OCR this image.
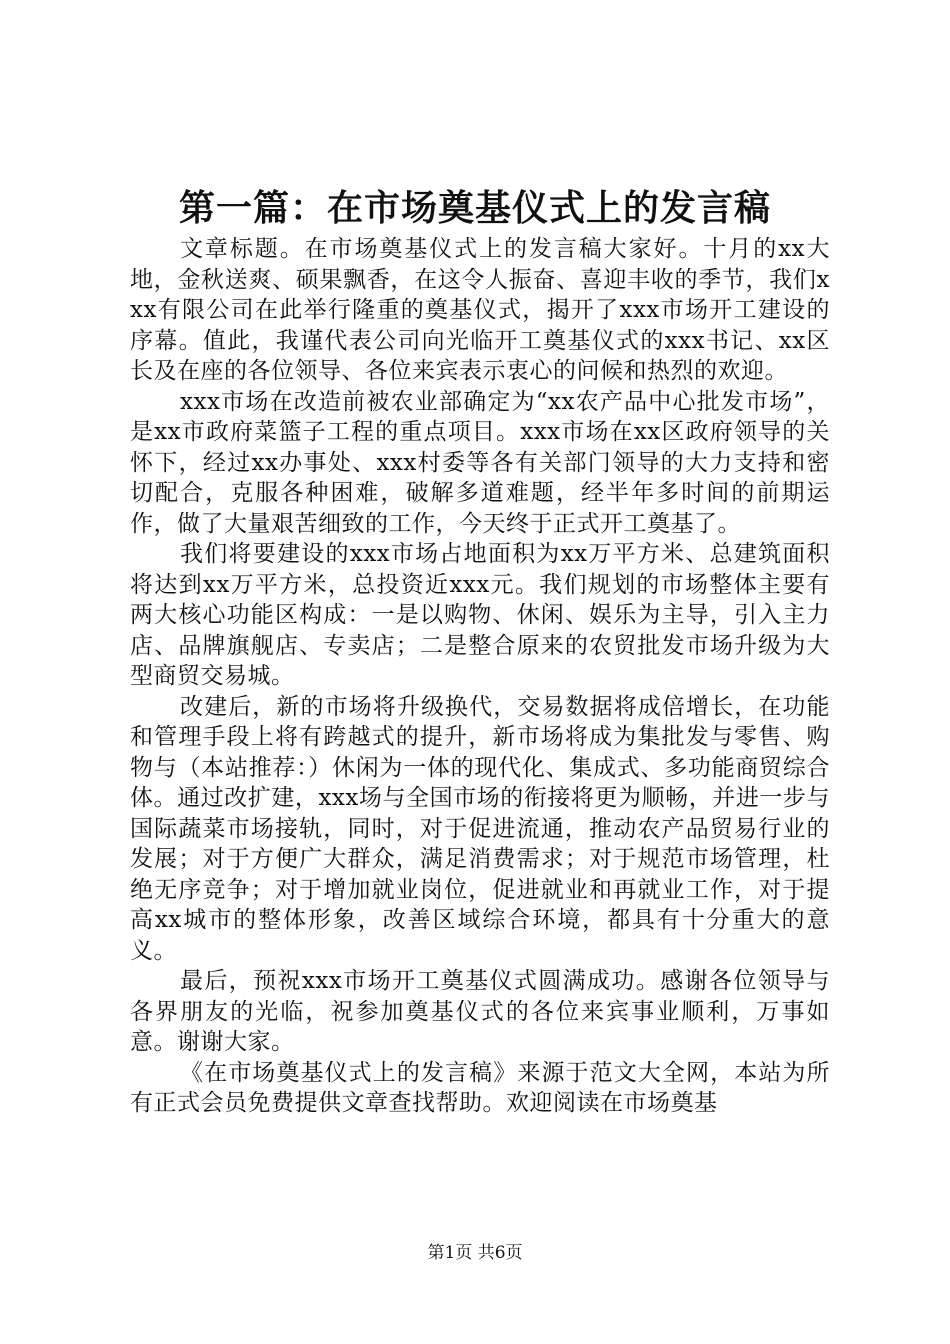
第一篇：在市场奠基仪式上的发言稿

文章标题。在市场奠基仪式上的发言稿大家好。十月的xx大地，金秋送爽、硕果飘香，在这令人振奋、喜迎丰收的季节，我们xxx有限公司在此举行隆重的奠基仪式，揭开了xxx市场开工建设的序幕。值此，我谨代表公司向光临开工奠基仪式的xxx书记、xx区长及在座的各位领导、各位来宾表示衷心的问候和热烈的欢迎。

xxx市场在改造前被农业部确定为“xx农产品中心批发市场”，是xx市政府菜篮子工程的重点项目。xxx市场在xx区政府领导的关怀下，经过xx办事处、xxx村委等各有关部门领导的大力支持和密切配合，克服各种困难，破解多道难题，经半年多时间的前期运作，做了大量艰苦细致的工作，今天终于正式开工奠基了。

我们将要建设的xxx市场占地面积为xx万平方米、总建筑面积将达到xx万平方米，总投资近xxx元。我们规划的市场整体主要有两大核心功能区构成：一是以购物、休闲、娱乐为主导，引入主力店、品牌旗舰店、专卖店；二是整合原来的农贸批发市场升级为大型商贸交易城。

改建后，新的市场将升级换代，交易数据将成倍增长，在功能和管理手段上将有跨越式的提升，新市场将成为集批发与零售、购物与（本站推荐：）休闲为一体的现代化、集成式、多功能商贸综合体。通过改扩建，xxx场与全国市场的衔接将更为顺畅，并进一步与国际蔬菜市场接轨，同时，对于促进流通，推动农产品贸易行业的发展；对于方便广大群众，满足消费需求；对于规范市场管理，杜绝无序竞争；对于增加就业岗位，促进就业和再就业工作，对于提高xx城市的整体形象，改善区域综合环境，都具有十分重大的意义。

最后，预祝xxx市场开工奠基仪式圆满成功。感谢各位领导与各界朋友的光临，祝参加奠基仪式的各位来宾事业顺利，万事如意。谢谢大家。

《在市场奠基仪式上的发言稿》来源于范文大全网，本站为所有正式会员免费提供文章查找帮助。欢迎阅读在市场奠基

第1页 共6页
